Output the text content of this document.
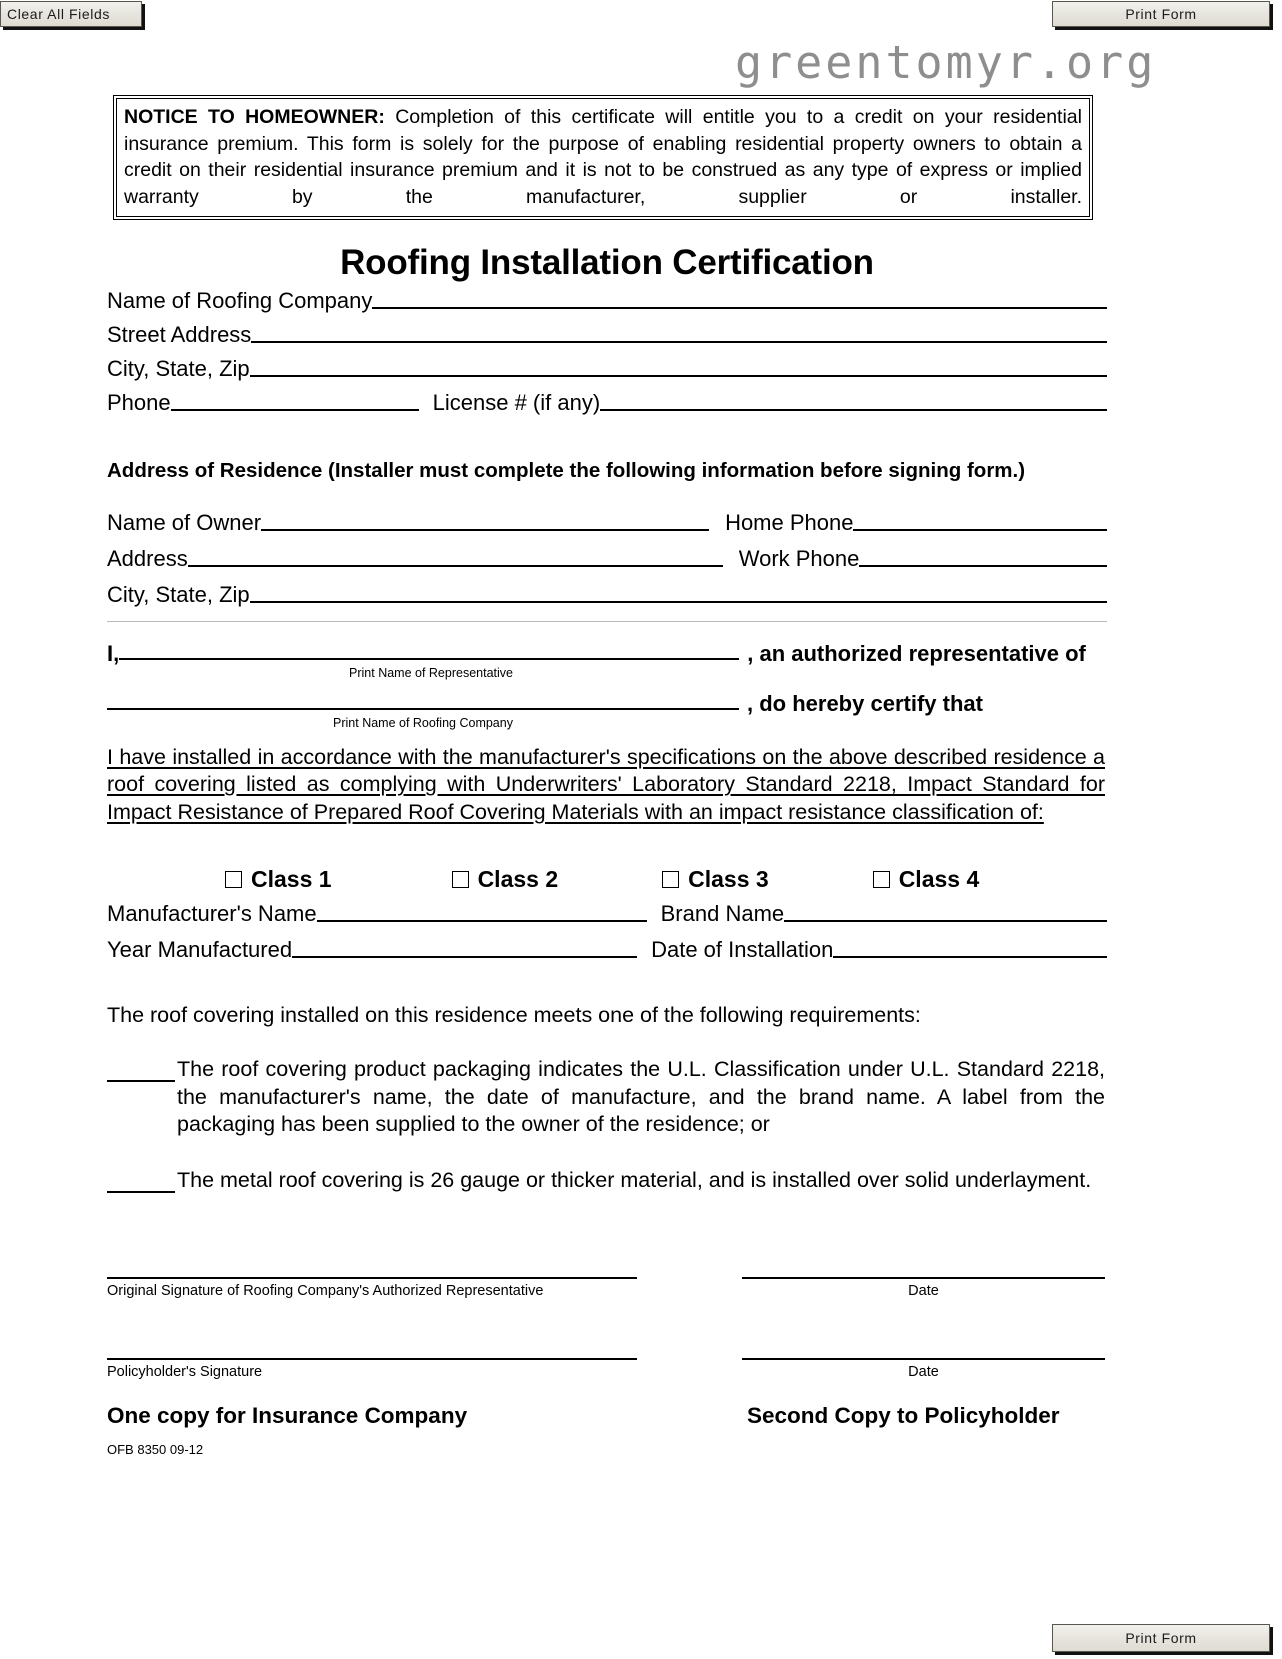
Clear All Fields	Print Form
greentomyr.org
NOTICE TO HOMEOWNER: Completion of this certificate will entitle you to a credit on your residential insurance premium. This form is solely for the purpose of enabling residential property owners to obtain a credit on their residential insurance premium and it is not to be construed as any type of express or implied warranty by the manufacturer, supplier or installer.
Roofing Installation Certification
Name of Roofing Company
Street Address
City, State, Zip
Phone	License # (if any)
Address of Residence (Installer must complete the following information before signing form.)
Name of Owner	Home Phone
Address	Work Phone
City, State, Zip
I,	, an authorized representative of
Print Name of Representative
, do hereby certify that
Print Name of Roofing Company
I have installed in accordance with the manufacturer's specifications on the above described residence a roof covering listed as complying with Underwriters' Laboratory Standard 2218, Impact Standard for Impact Resistance of Prepared Roof Covering Materials with an impact resistance classification of:
Class 1	Class 2	Class 3	Class 4
Manufacturer's Name	Brand Name
Year Manufactured	Date of Installation
The roof covering installed on this residence meets one of the following requirements:
The roof covering product packaging indicates the U.L. Classification under U.L. Standard 2218, the manufacturer's name, the date of manufacture, and the brand name. A label from the packaging has been supplied to the owner of the residence; or
The metal roof covering is 26 gauge or thicker material, and is installed over solid underlayment.
Original Signature of Roofing Company's Authorized Representative	Date
Policyholder's Signature	Date
One copy for Insurance Company	Second Copy to Policyholder
OFB 8350 09-12
Print Form
